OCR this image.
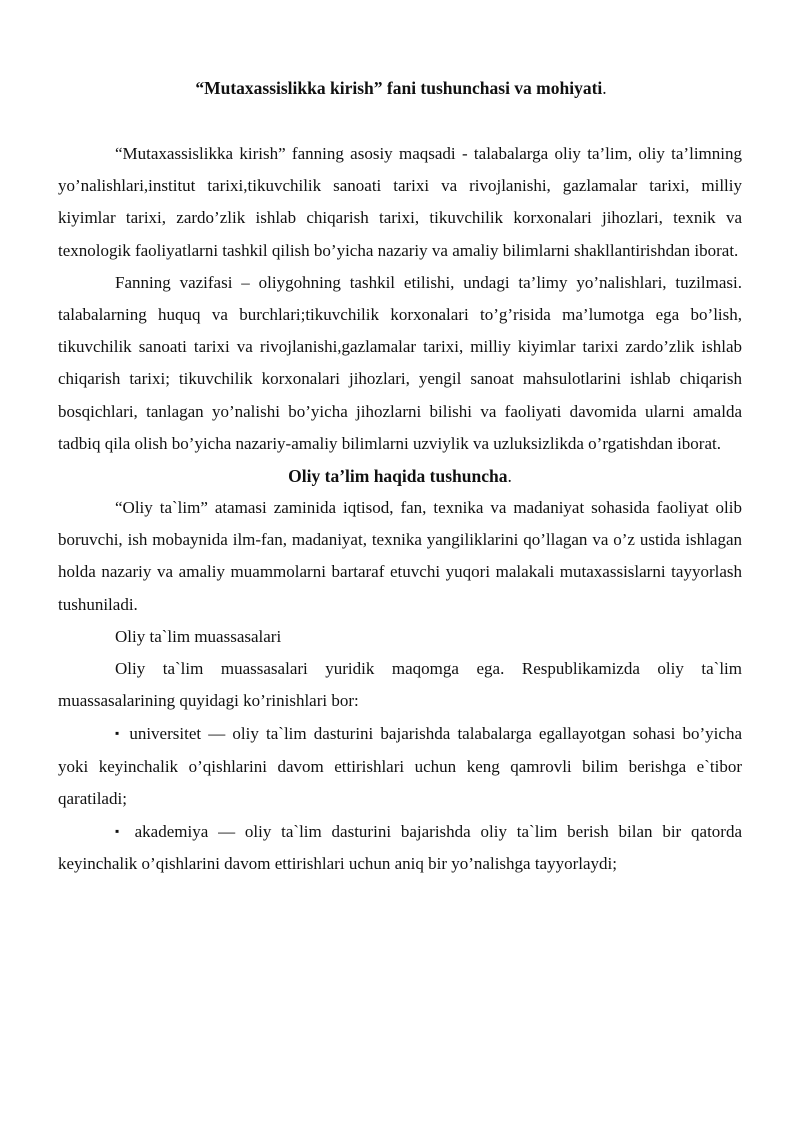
“Mutaxassislikka kirish” fani tushunchasi va mohiyati.

“Mutaxassislikka kirish” fanning asosiy maqsadi - talabalarga oliy ta’lim, oliy ta’limning yo’nalishlari,institut tarixi,tikuvchilik sanoati tarixi va rivojlanishi, gazlamalar tarixi, milliy kiyimlar tarixi, zardo’zlik ishlab chiqarish tarixi, tikuvchilik korxonalari jihozlari, texnik va texnologik faoliyatlarni tashkil qilish bo’yicha nazariy va amaliy bilimlarni shakllantirishdan iborat.

Fanning vazifasi – oliygohning tashkil etilishi, undagi ta’limy yo’nalishlari, tuzilmasi. talabalarning huquq va burchlari;tikuvchilik korxonalari to’g’risida ma’lumotga ega bo’lish, tikuvchilik sanoati tarixi va rivojlanishi,gazlamalar tarixi, milliy kiyimlar tarixi zardo’zlik ishlab chiqarish tarixi; tikuvchilik korxonalari jihozlari, yengil sanoat mahsulotlarini ishlab chiqarish bosqichlari, tanlagan yo’nalishi bo’yicha jihozlarni bilishi va faoliyati davomida ularni amalda tadbiq qila olish bo’yicha nazariy-amaliy bilimlarni uzviylik va uzluksizlikda o’rgatishdan iborat.

Oliy ta’lim haqida tushuncha.

“Oliy ta`lim” atamasi zaminida iqtisod, fan, texnika va madaniyat sohasida faoliyat olib boruvchi, ish mobaynida ilm-fan, madaniyat, texnika yangiliklarini qo’llagan va o’z ustida ishlagan holda nazariy va amaliy muammolarni bartaraf etuvchi yuqori malakali mutaxassislarni tayyorlash tushuniladi.

Oliy ta`lim muassasalari

Oliy ta`lim muassasalari yuridik maqomga ega. Respublikamizda oliy ta`lim muassasalarining quyidagi ko’rinishlari bor:

▪ universitet — oliy ta`lim dasturini bajarishda talabalarga egallayotgan sohasi bo’yicha yoki keyinchalik o’qishlarini davom ettirishlari uchun keng qamrovli bilim berishga e`tibor qaratiladi;

▪ akademiya — oliy ta`lim dasturini bajarishda oliy ta`lim berish bilan bir qatorda keyinchalik o’qishlarini davom ettirishlari uchun aniq bir yo’nalishga tayyorlaydi;
